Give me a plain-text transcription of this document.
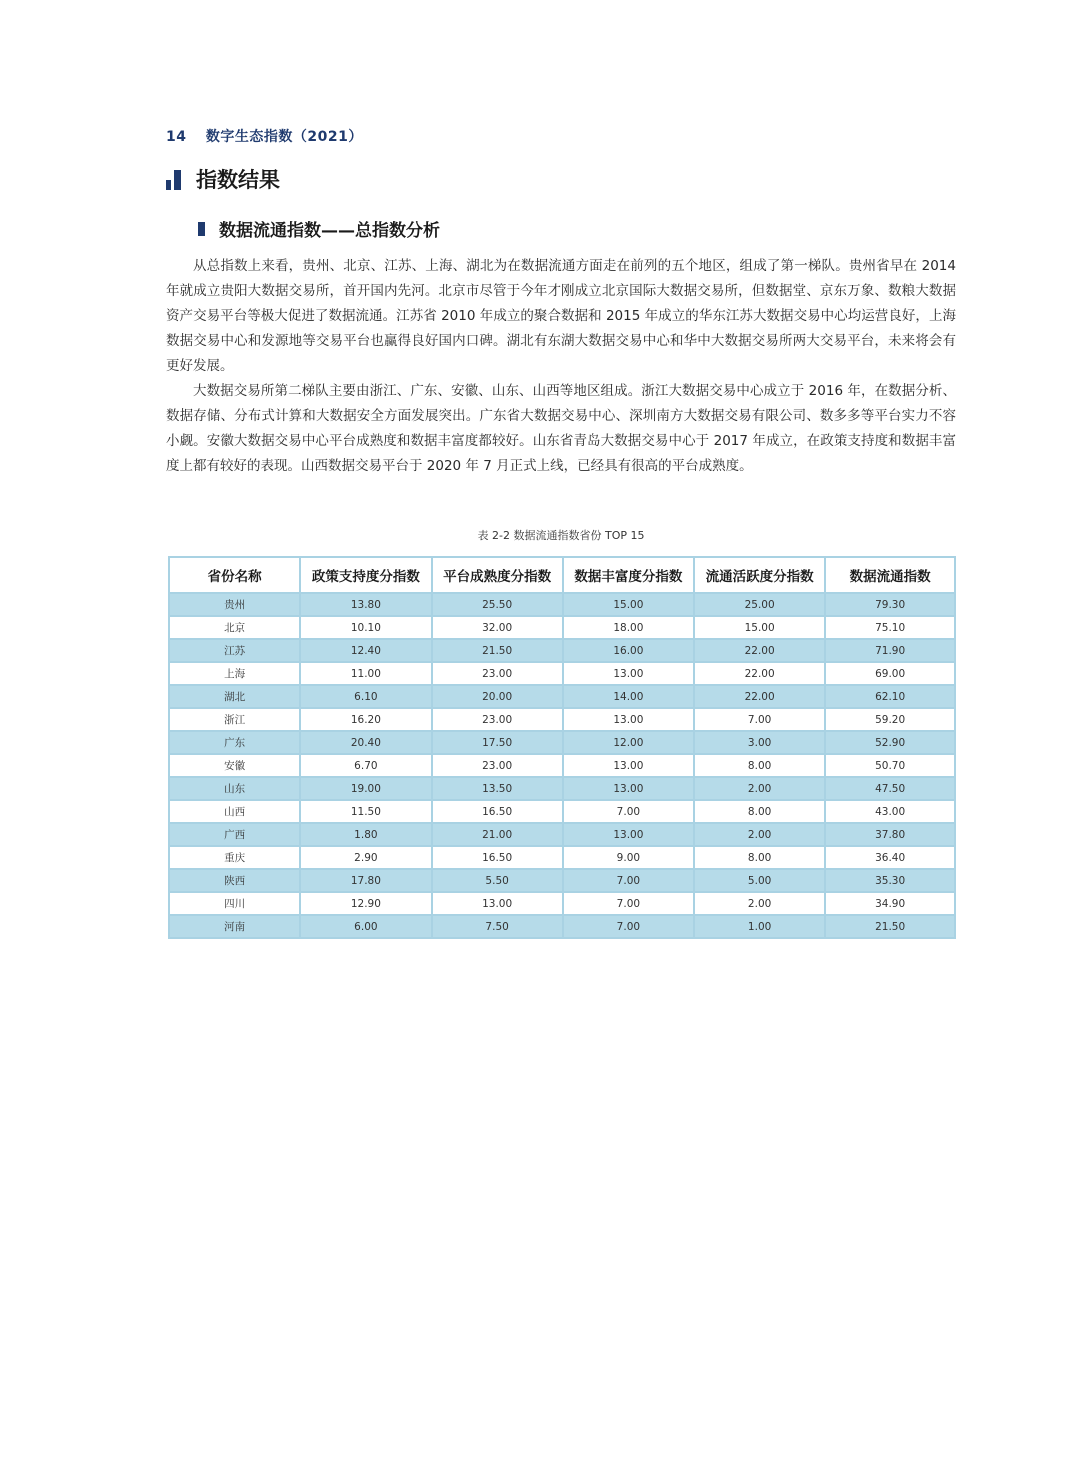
14 数字生态指数（2021）
指数结果
数据流通指数——总指数分析

从总指数上来看，贵州、北京、江苏、上海、湖北为在数据流通方面走在前列的五个地区，组成了第一梯队。贵州省早在 2014 年就成立贵阳大数据交易所，首开国内先河。北京市尽管于今年才刚成立北京国际大数据交易所，但数据堂、京东万象、数粮大数据资产交易平台等极大促进了数据流通。江苏省 2010 年成立的聚合数据和 2015 年成立的华东江苏大数据交易中心均运营良好，上海数据交易中心和发源地等交易平台也赢得良好国内口碑。湖北有东湖大数据交易中心和华中大数据交易所两大交易平台，未来将会有更好发展。

大数据交易所第二梯队主要由浙江、广东、安徽、山东、山西等地区组成。浙江大数据交易中心成立于 2016 年，在数据分析、数据存储、分布式计算和大数据安全方面发展突出。广东省大数据交易中心、深圳南方大数据交易有限公司、数多多等平台实力不容小觑。安徽大数据交易中心平台成熟度和数据丰富度都较好。山东省青岛大数据交易中心于 2017 年成立，在政策支持度和数据丰富度上都有较好的表现。山西数据交易平台于 2020 年 7 月正式上线，已经具有很高的平台成熟度。

表 2-2 数据流通指数省份 TOP 15
省份名称	政策支持度分指数	平台成熟度分指数	数据丰富度分指数	流通活跃度分指数	数据流通指数
贵州	13.80	25.50	15.00	25.00	79.30
北京	10.10	32.00	18.00	15.00	75.10
江苏	12.40	21.50	16.00	22.00	71.90
上海	11.00	23.00	13.00	22.00	69.00
湖北	6.10	20.00	14.00	22.00	62.10
浙江	16.20	23.00	13.00	7.00	59.20
广东	20.40	17.50	12.00	3.00	52.90
安徽	6.70	23.00	13.00	8.00	50.70
山东	19.00	13.50	13.00	2.00	47.50
山西	11.50	16.50	7.00	8.00	43.00
广西	1.80	21.00	13.00	2.00	37.80
重庆	2.90	16.50	9.00	8.00	36.40
陕西	17.80	5.50	7.00	5.00	35.30
四川	12.90	13.00	7.00	2.00	34.90
河南	6.00	7.50	7.00	1.00	21.50
